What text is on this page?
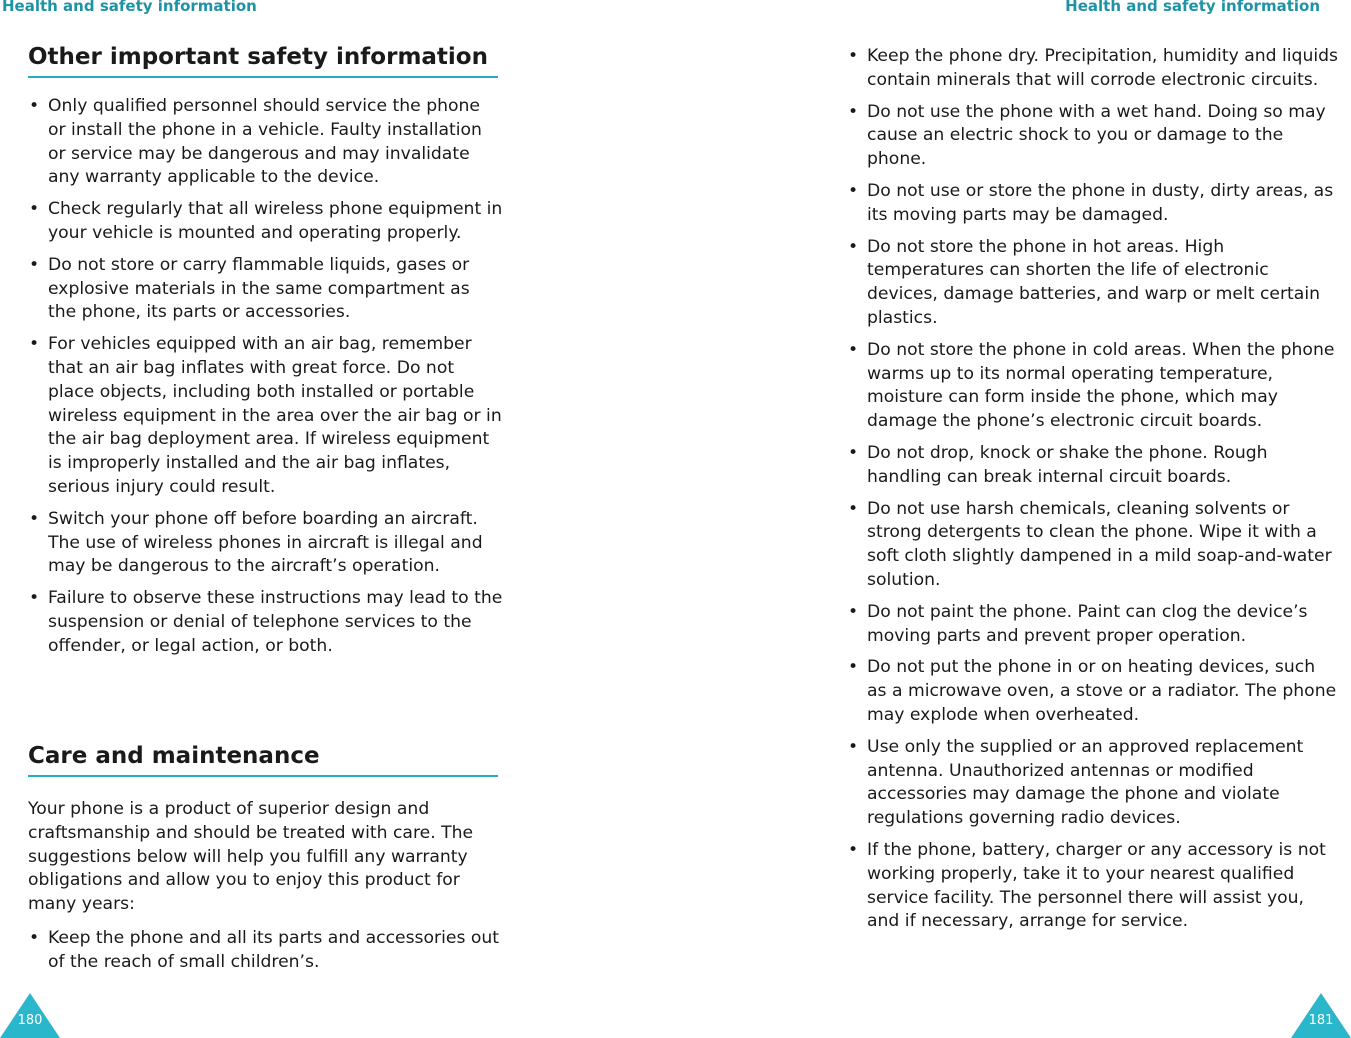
Health and safety information
Other important safety information
• Only qualified personnel should service the phone or install the phone in a vehicle. Faulty installation or service may be dangerous and may invalidate any warranty applicable to the device.
• Check regularly that all wireless phone equipment in your vehicle is mounted and operating properly.
• Do not store or carry flammable liquids, gases or explosive materials in the same compartment as the phone, its parts or accessories.
• For vehicles equipped with an air bag, remember that an air bag inflates with great force. Do not place objects, including both installed or portable wireless equipment in the area over the air bag or in the air bag deployment area. If wireless equipment is improperly installed and the air bag inflates, serious injury could result.
• Switch your phone off before boarding an aircraft. The use of wireless phones in aircraft is illegal and may be dangerous to the aircraft’s operation.
• Failure to observe these instructions may lead to the suspension or denial of telephone services to the offender, or legal action, or both.
Care and maintenance

Your phone is a product of superior design and craftsmanship and should be treated with care. The suggestions below will help you fulfill any warranty obligations and allow you to enjoy this product for many years:

• Keep the phone and all its parts and accessories out of the reach of small children’s.
180
Health and safety information
• Keep the phone dry. Precipitation, humidity and liquids contain minerals that will corrode electronic circuits.
• Do not use the phone with a wet hand. Doing so may cause an electric shock to you or damage to the phone.
• Do not use or store the phone in dusty, dirty areas, as its moving parts may be damaged.
• Do not store the phone in hot areas. High temperatures can shorten the life of electronic devices, damage batteries, and warp or melt certain plastics.
• Do not store the phone in cold areas. When the phone warms up to its normal operating temperature, moisture can form inside the phone, which may damage the phone’s electronic circuit boards.
• Do not drop, knock or shake the phone. Rough handling can break internal circuit boards.
• Do not use harsh chemicals, cleaning solvents or strong detergents to clean the phone. Wipe it with a soft cloth slightly dampened in a mild soap-and-water solution.
• Do not paint the phone. Paint can clog the device’s moving parts and prevent proper operation.
• Do not put the phone in or on heating devices, such as a microwave oven, a stove or a radiator. The phone may explode when overheated.
• Use only the supplied or an approved replacement antenna. Unauthorized antennas or modified accessories may damage the phone and violate regulations governing radio devices.
• If the phone, battery, charger or any accessory is not working properly, take it to your nearest qualified service facility. The personnel there will assist you, and if necessary, arrange for service.
181
